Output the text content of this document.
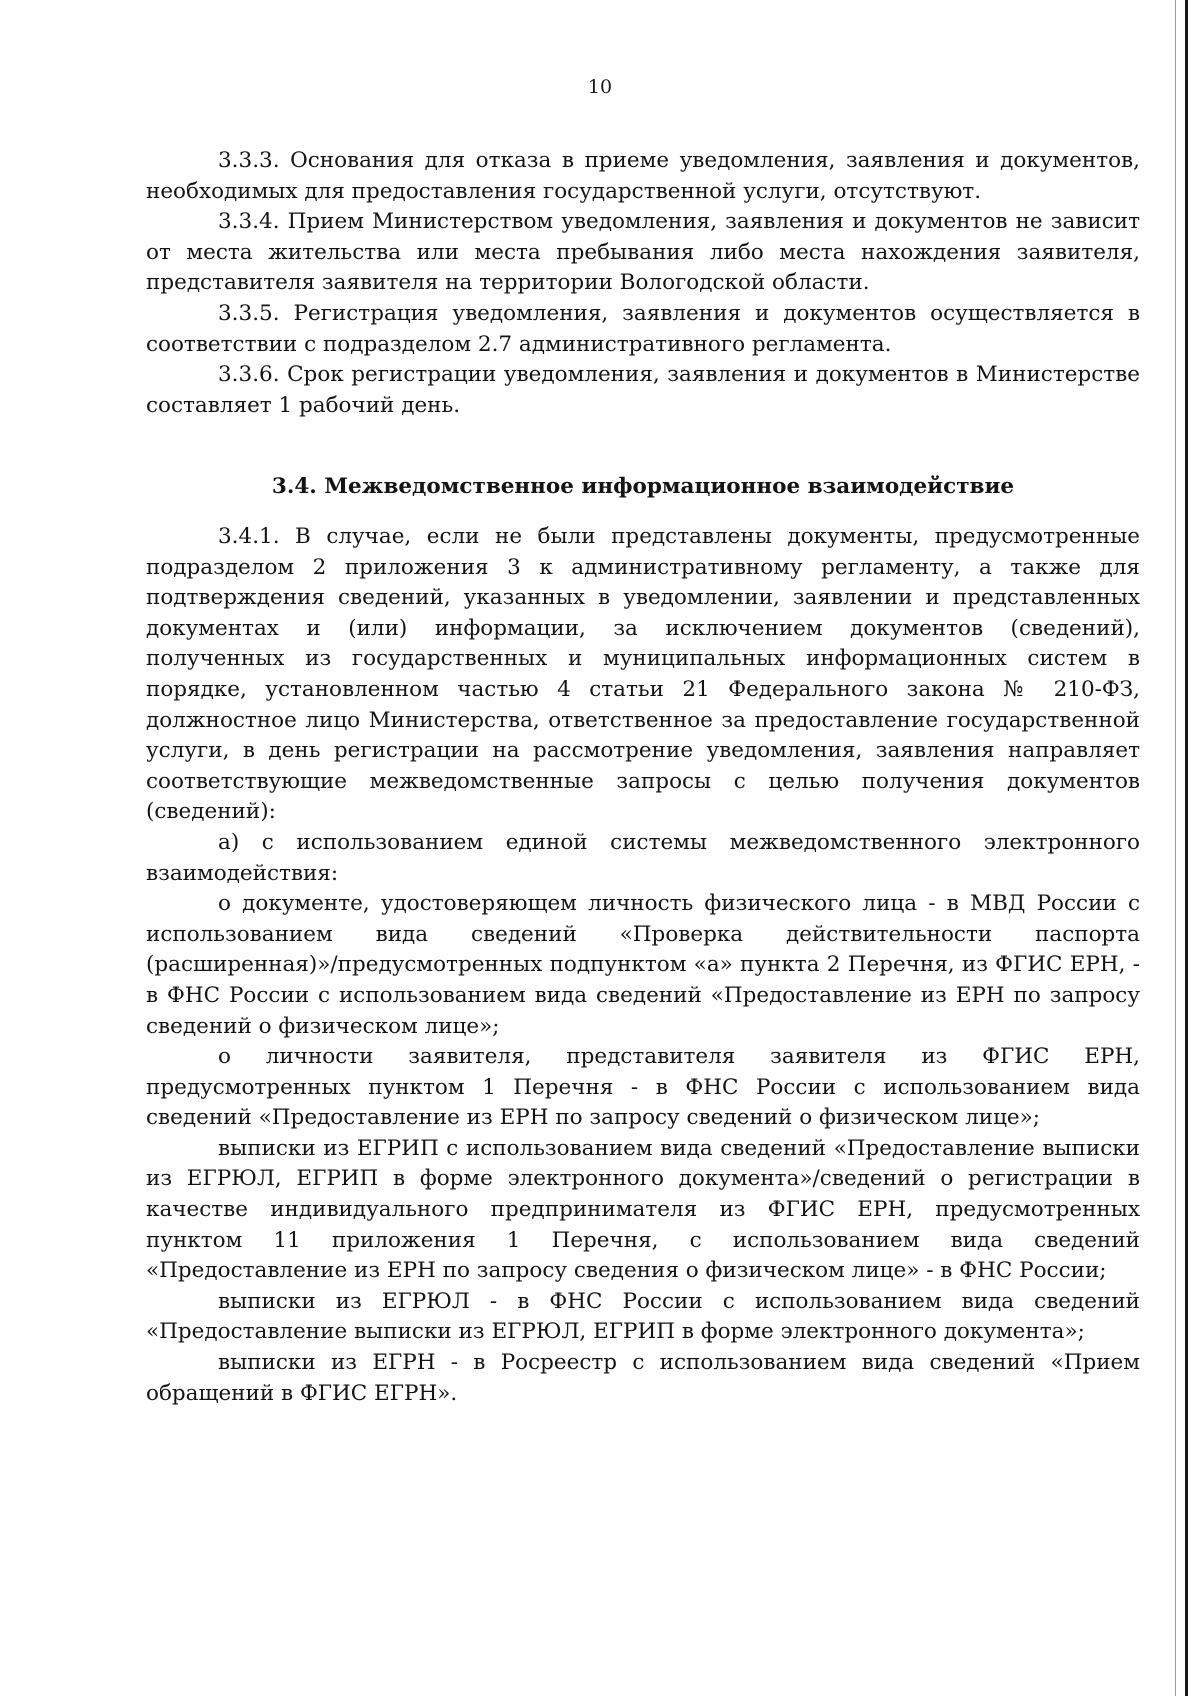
10

3.3.3. Основания для отказа в приеме уведомления, заявления и документов, необходимых для предоставления государственной услуги, отсутствуют.

3.3.4. Прием Министерством уведомления, заявления и документов не зависит от места жительства или места пребывания либо места нахождения заявителя, представителя заявителя на территории Вологодской области.

3.3.5. Регистрация уведомления, заявления и документов осуществляется в соответствии с подразделом 2.7 административного регламента.

3.3.6. Срок регистрации уведомления, заявления и документов в Министерстве составляет 1 рабочий день.

3.4. Межведомственное информационное взаимодействие

3.4.1. В случае, если не были представлены документы, предусмотренные подразделом 2 приложения 3 к административному регламенту, а также для подтверждения сведений, указанных в уведомлении, заявлении и представленных документах и (или) информации, за исключением документов (сведений), полученных из государственных и муниципальных информационных систем в порядке, установленном частью 4 статьи 21 Федерального закона № 210-ФЗ, должностное лицо Министерства, ответственное за предоставление государственной услуги, в день регистрации на рассмотрение уведомления, заявления направляет соответствующие межведомственные запросы с целью получения документов (сведений):

а) с использованием единой системы межведомственного электронного взаимодействия:

о документе, удостоверяющем личность физического лица - в МВД России с использованием вида сведений «Проверка действительности паспорта (расширенная)»/предусмотренных подпунктом «а» пункта 2 Перечня, из ФГИС ЕРН, - в ФНС России с использованием вида сведений «Предоставление из ЕРН по запросу сведений о физическом лице»;

о личности заявителя, представителя заявителя из ФГИС ЕРН, предусмотренных пунктом 1 Перечня - в ФНС России с использованием вида сведений «Предоставление из ЕРН по запросу сведений о физическом лице»;

выписки из ЕГРИП с использованием вида сведений «Предоставление выписки из ЕГРЮЛ, ЕГРИП в форме электронного документа»/сведений о регистрации в качестве индивидуального предпринимателя из ФГИС ЕРН, предусмотренных пунктом 11 приложения 1 Перечня, с использованием вида сведений «Предоставление из ЕРН по запросу сведения о физическом лице» - в ФНС России;

выписки из ЕГРЮЛ - в ФНС России с использованием вида сведений «Предоставление выписки из ЕГРЮЛ, ЕГРИП в форме электронного документа»;

выписки из ЕГРН - в Росреестр с использованием вида сведений «Прием обращений в ФГИС ЕГРН».
